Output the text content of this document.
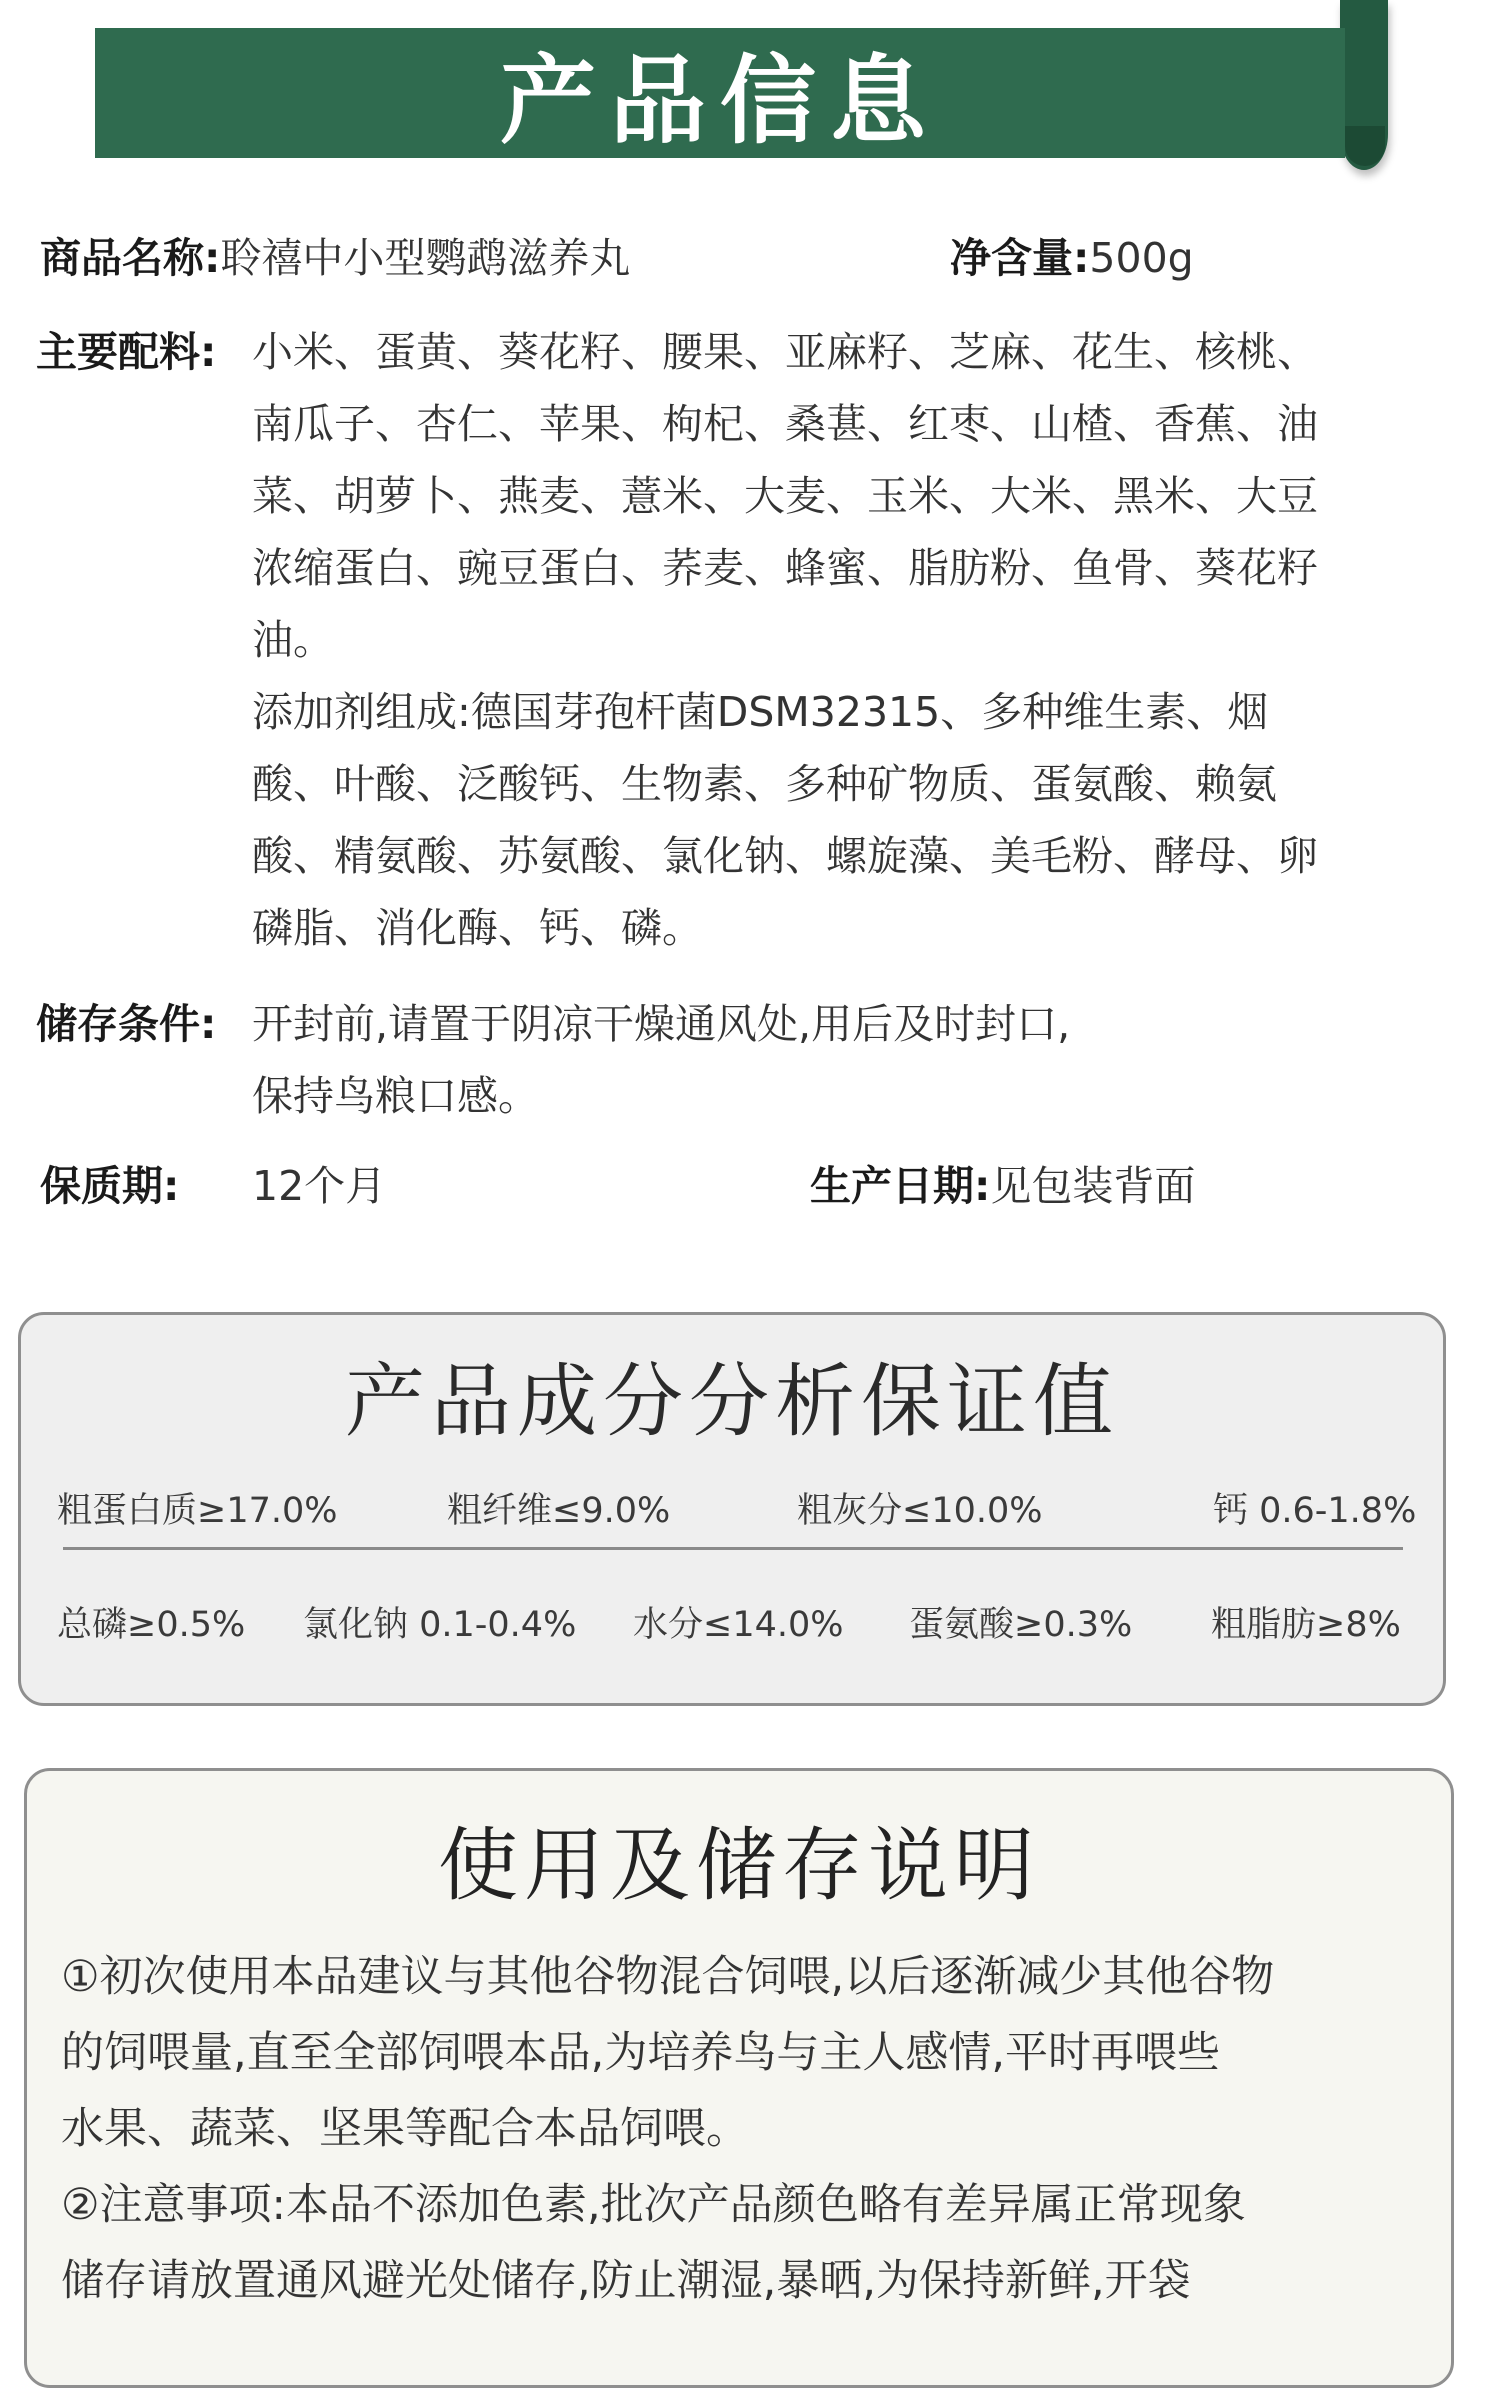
产品信息
商品名称:聆禧中小型鹦鹉滋养丸	净含量:500g
主要配料: 小米、蛋黄、葵花籽、腰果、亚麻籽、芝麻、花生、核桃、

南瓜子、杏仁、苹果、枸杞、桑葚、红枣、山楂、香蕉、油

菜、胡萝卜、燕麦、薏米、大麦、玉米、大米、黑米、大豆

浓缩蛋白、豌豆蛋白、荞麦、蜂蜜、脂肪粉、鱼骨、葵花籽

油。

添加剂组成:德国芽孢杆菌DSM32315、多种维生素、烟

酸、叶酸、泛酸钙、生物素、多种矿物质、蛋氨酸、赖氨

酸、精氨酸、苏氨酸、氯化钠、螺旋藻、美毛粉、酵母、卵

磷脂、消化酶、钙、磷。

储存条件: 开封前,请置于阴凉干燥通风处,用后及时封口,

保持鸟粮口感。

保质期: 12个月	生产日期:见包装背面
产品成分分析保证值
粗蛋白质≥17.0%	粗纤维≤9.0%	粗灰分≤10.0%	钙 0.6-1.8%
总磷≥0.5% 氯化钠 0.1-0.4% 水分≤14.0% 蛋氨酸≥0.3% 粗脂肪≥8%
使用及储存说明

①初次使用本品建议与其他谷物混合饲喂,以后逐渐减少其他谷物

的饲喂量,直至全部饲喂本品,为培养鸟与主人感情,平时再喂些

水果、蔬菜、坚果等配合本品饲喂。

②注意事项:本品不添加色素,批次产品颜色略有差异属正常现象

储存请放置通风避光处储存,防止潮湿,暴晒,为保持新鲜,开袋
